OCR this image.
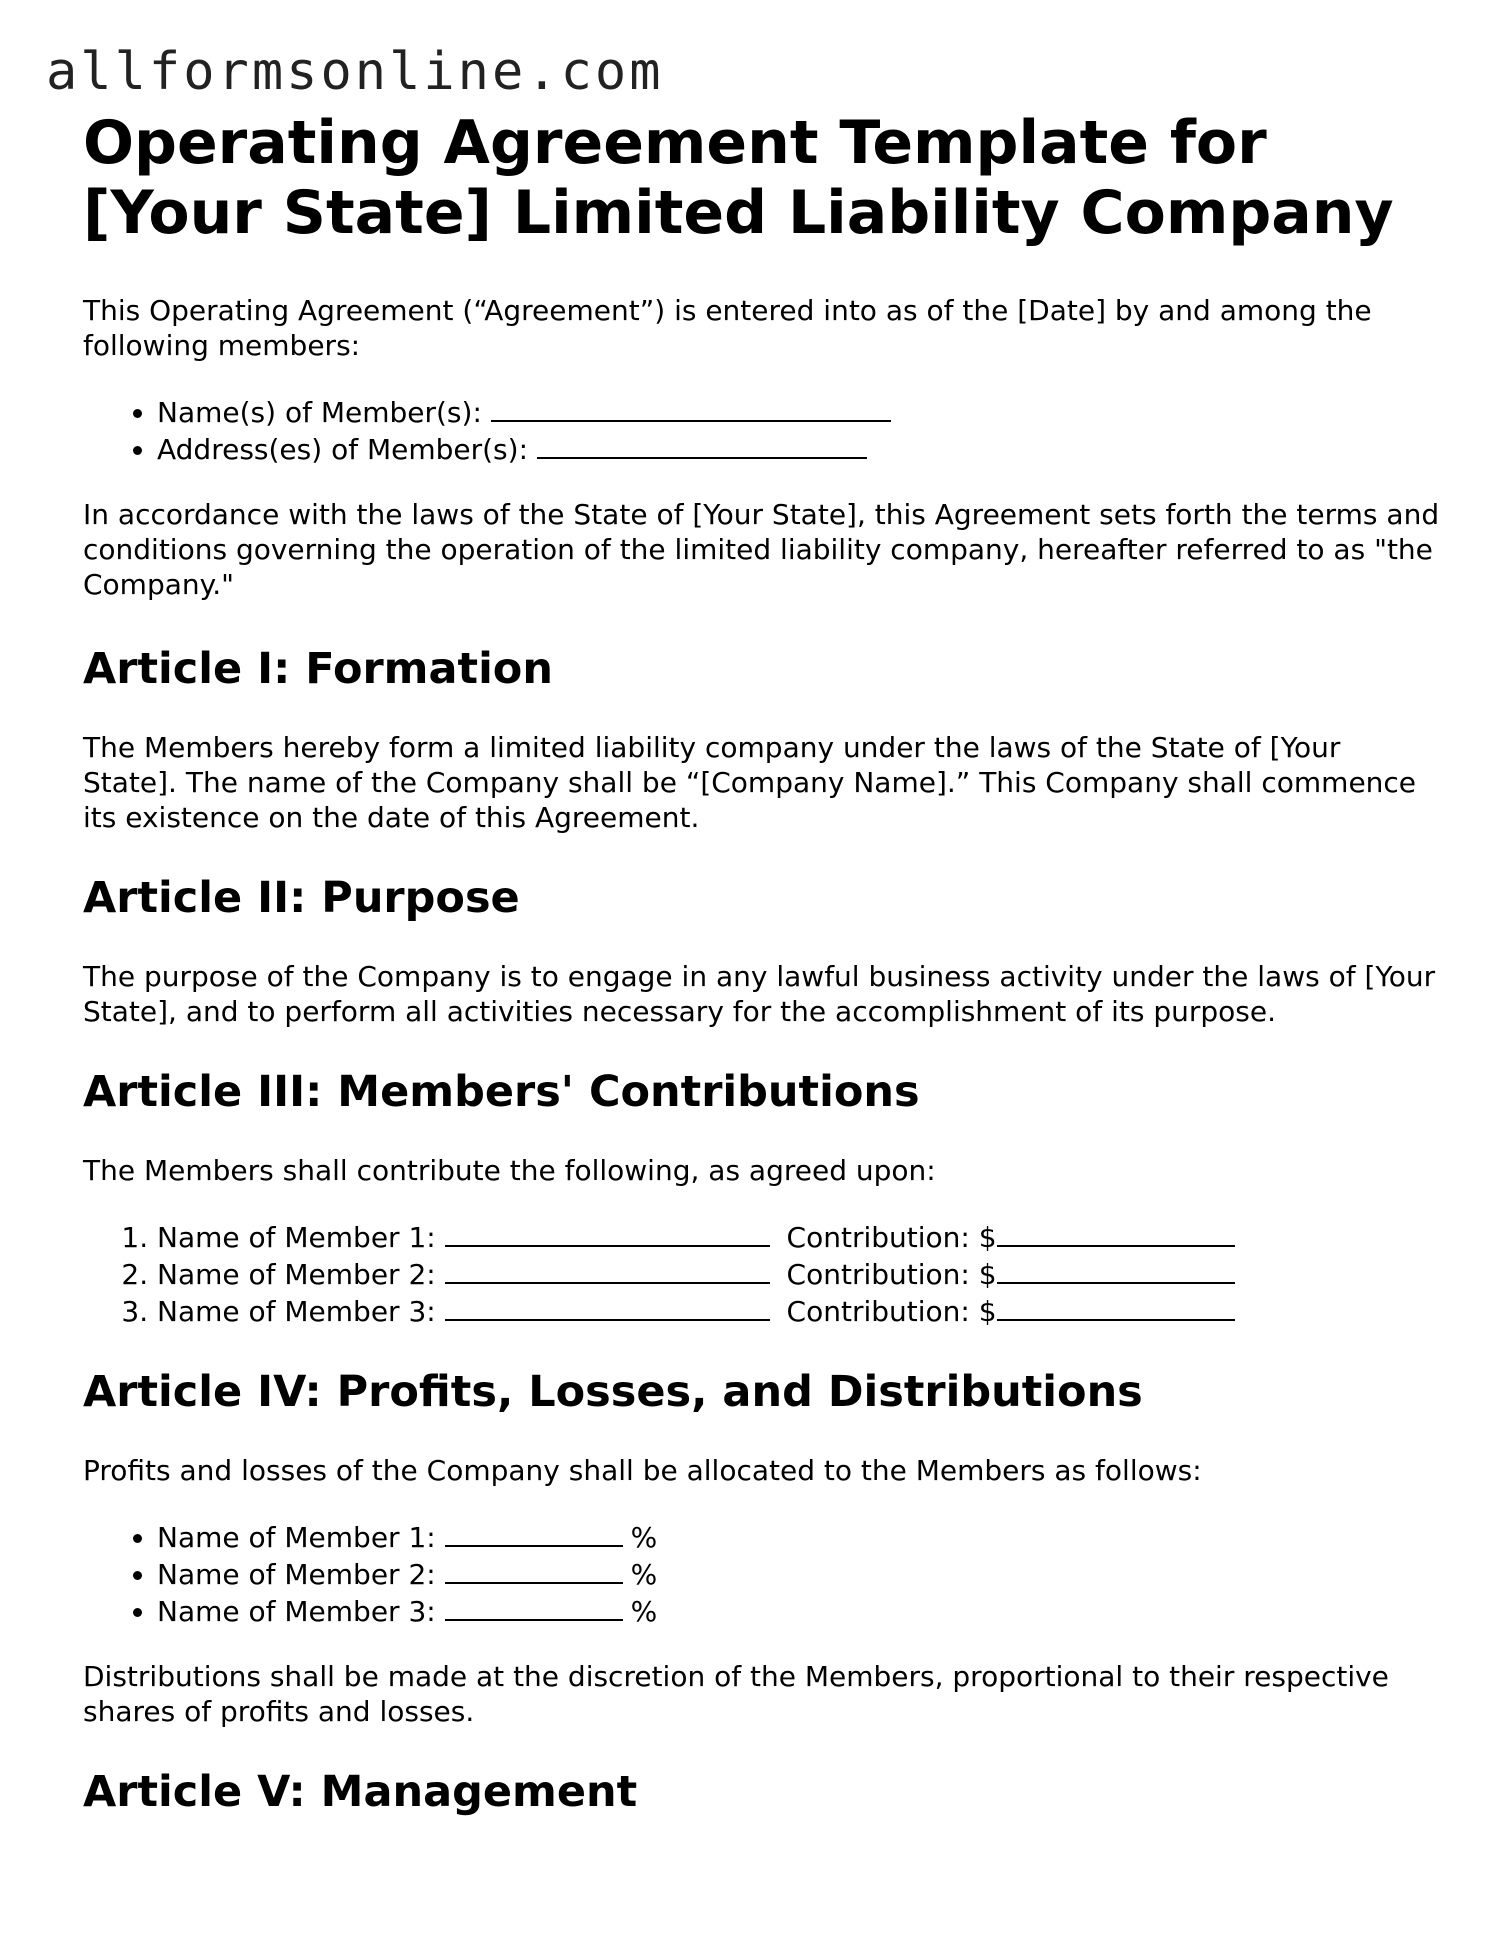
allformsonline.com
Operating Agreement Template for
[Your State] Limited Liability Company

This Operating Agreement (“Agreement”) is entered into as of the [Date] by and among the following members:

• Name(s) of Member(s):
• Address(es) of Member(s):

In accordance with the laws of the State of [Your State], this Agreement sets forth the terms and conditions governing the operation of the limited liability company, hereafter referred to as "the Company."

Article I: Formation

The Members hereby form a limited liability company under the laws of the State of [Your State]. The name of the Company shall be “[Company Name].” This Company shall commence its existence on the date of this Agreement.

Article II: Purpose

The purpose of the Company is to engage in any lawful business activity under the laws of [Your State], and to perform all activities necessary for the accomplishment of its purpose.

Article III: Members' Contributions

The Members shall contribute the following, as agreed upon:

1. Name of Member 1:	Contribution: $
2. Name of Member 2:	Contribution: $
3. Name of Member 3:	Contribution: $
Article IV: Profits, Losses, and Distributions

Profits and losses of the Company shall be allocated to the Members as follows:

• Name of Member 1:	%
• Name of Member 2:	%
• Name of Member 3:	%

Distributions shall be made at the discretion of the Members, proportional to their respective shares of profits and losses.

Article V: Management
